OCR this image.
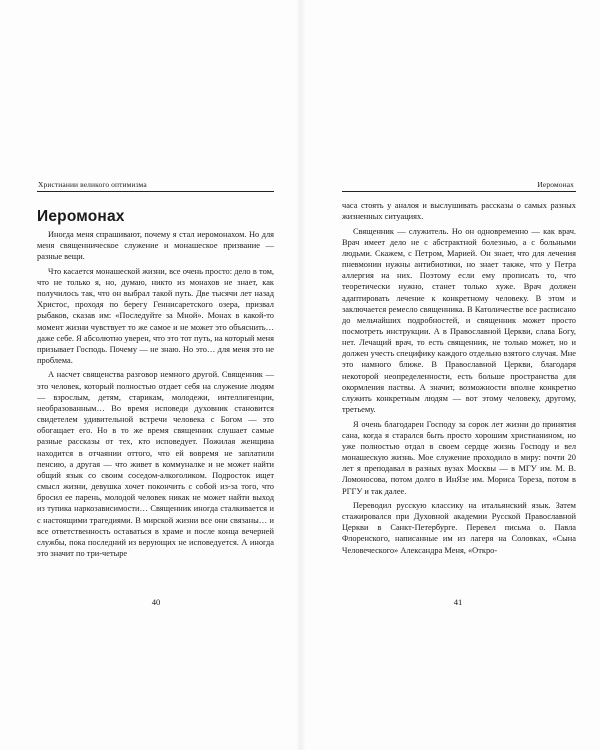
Христиании великого оптимизма
Иеромонах

Иногда меня спрашивают, почему я стал иеромонахом. Но для меня священническое служение и монашеское призвание — разные вещи.

Что касается монашеской жизни, все очень просто: дело в том, что не только я, но, думаю, никто из монахов не знает, как получилось так, что он выбрал такой путь. Две тысячи лет назад Христос, проходя по берегу Геннисаретского озера, призвал рыбаков, сказав им: «Последуйте за Мной». Монах в какой-то момент жизни чувствует то же самое и не может это объяснить… даже себе. Я абсолютно уверен, что это тот путь, на который меня призывает Господь. Почему — не знаю. Но это… для меня это не проблема.

А насчет священства разговор немного другой. Священник — это человек, который полностью отдает себя на служение людям — взрослым, детям, старикам, молодежи, интеллигенции, необразованным… Во время исповеди духовник становится свидетелем удивительной встречи человека с Богом — это обогащает его. Но в то же время священник слушает самые разные рассказы от тех, кто исповедует. Пожилая женщина находится в отчаянии оттого, что ей вовремя не заплатили пенсию, а другая — что живет в коммуналке и не может найти общий язык со своим соседом-алкоголиком. Подросток ищет смысл жизни, девушка хочет покончить с собой из-за того, что бросил ее парень, молодой человек никак не может найти выход из тупика наркозависимости… Священник иногда сталкивается и с настоящими трагедиями. В мирской жизни все они связаны… и все ответственность оставаться в храме и после конца вечерней службы, пока последний из верующих не исповедуется. А иногда это значит по три-четыре

40
Иеромонах

часа стоять у аналоя и выслушивать рассказы о самых разных жизненных ситуациях.

Священник — служитель. Но он одновременно — как врач. Врач имеет дело не с абстрактной болезнью, а с больными людьми. Скажем, с Петром, Марией. Он знает, что для лечения пневмонии нужны антибиотики, но знает также, что у Петра аллергия на них. Поэтому если ему прописать то, что теоретически нужно, станет только хуже. Врач должен адаптировать лечение к конкретному человеку. В этом и заключается ремесло священника. В Католичестве все расписано до мельчайших подробностей, и священник может просто посмотреть инструкции. А в Православной Церкви, слава Богу, нет. Лечащий врач, то есть священник, не только может, но и должен учесть специфику каждого отдельно взятого случая. Мне это намного ближе. В Православной Церкви, благодаря некоторой неопределенности, есть больше пространства для окормления паствы. А значит, возможности вполне конкретно служить конкретным людям — вот этому человеку, другому, третьему.

Я очень благодарен Господу за сорок лет жизни до принятия сана, когда я старался быть просто хорошим христианином, но уже полностью отдал в своем сердце жизнь Господу и вел монашескую жизнь. Мое служение проходило в миру: почти 20 лет я преподавал в разных вузах Москвы — в МГУ им. М. В. Ломоносова, потом долго в ИнЯзе им. Мориса Тореза, потом в РГГУ и так далее.

Переводил русскую классику на итальянский язык. Затем стажировался при Духовной академии Русской Православной Церкви в Санкт-Петербурге. Перевел письма о. Павла Флоренского, написанные им из лагеря на Соловках, «Сына Человеческого» Александра Меня, «Откро-

41
